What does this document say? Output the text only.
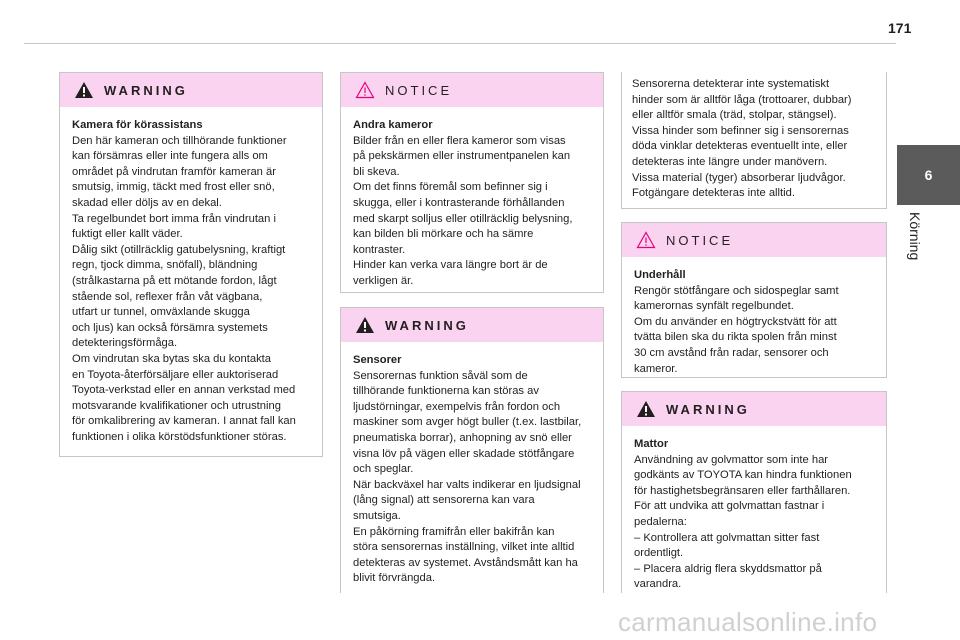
171
6
Körning
WARNING

Kamera för körassistans

Den här kameran och tillhörande funktioner

kan försämras eller inte fungera alls om

området på vindrutan framför kameran är

smutsig, immig, täckt med frost eller snö,

skadad eller döljs av en dekal.

Ta regelbundet bort imma från vindrutan i

fuktigt eller kallt väder.

Dålig sikt (otillräcklig gatubelysning, kraftigt

regn, tjock dimma, snöfall), bländning

(strålkastarna på ett mötande fordon, lågt

stående sol, reflexer från våt vägbana,

utfart ur tunnel, omväxlande skugga

och ljus) kan också försämra systemets

detekteringsförmåga.

Om vindrutan ska bytas ska du kontakta

en Toyota-återförsäljare eller auktoriserad

Toyota-verkstad eller en annan verkstad med

motsvarande kvalifikationer och utrustning

för omkalibrering av kameran. I annat fall kan

funktionen i olika körstödsfunktioner störas.

NOTICE

Andra kameror

Bilder från en eller flera kameror som visas

på pekskärmen eller instrumentpanelen kan

bli skeva.

Om det finns föremål som befinner sig i

skugga, eller i kontrasterande förhållanden

med skarpt solljus eller otillräcklig belysning,

kan bilden bli mörkare och ha sämre

kontraster.

Hinder kan verka vara längre bort är de

verkligen är.

WARNING

Sensorer

Sensorernas funktion såväl som de

tillhörande funktionerna kan störas av

ljudstörningar, exempelvis från fordon och

maskiner som avger högt buller (t.ex. lastbilar,

pneumatiska borrar), anhopning av snö eller

visna löv på vägen eller skadade stötfångare

och speglar.

När backväxel har valts indikerar en ljudsignal

(lång signal) att sensorerna kan vara

smutsiga.

En påkörning framifrån eller bakifrån kan

störa sensorernas inställning, vilket inte alltid

detekteras av systemet. Avståndsmått kan ha

blivit förvrängda.

Sensorerna detekterar inte systematiskt

hinder som är alltför låga (trottoarer, dubbar)

eller alltför smala (träd, stolpar, stängsel).

Vissa hinder som befinner sig i sensorernas

döda vinklar detekteras eventuellt inte, eller

detekteras inte längre under manövern.

Vissa material (tyger) absorberar ljudvågor.

Fotgängare detekteras inte alltid.

NOTICE

Underhåll

Rengör stötfångare och sidospeglar samt

kamerornas synfält regelbundet.

Om du använder en högtryckstvätt för att

tvätta bilen ska du rikta spolen från minst

30 cm avstånd från radar, sensorer och

kameror.

WARNING

Mattor

Användning av golvmattor som inte har

godkänts av TOYOTA kan hindra funktionen

för hastighetsbegränsaren eller farthållaren.

För att undvika att golvmattan fastnar i

pedalerna:

– Kontrollera att golvmattan sitter fast

ordentligt.

– Placera aldrig flera skyddsmattor på

varandra.

carmanualsonline.info
